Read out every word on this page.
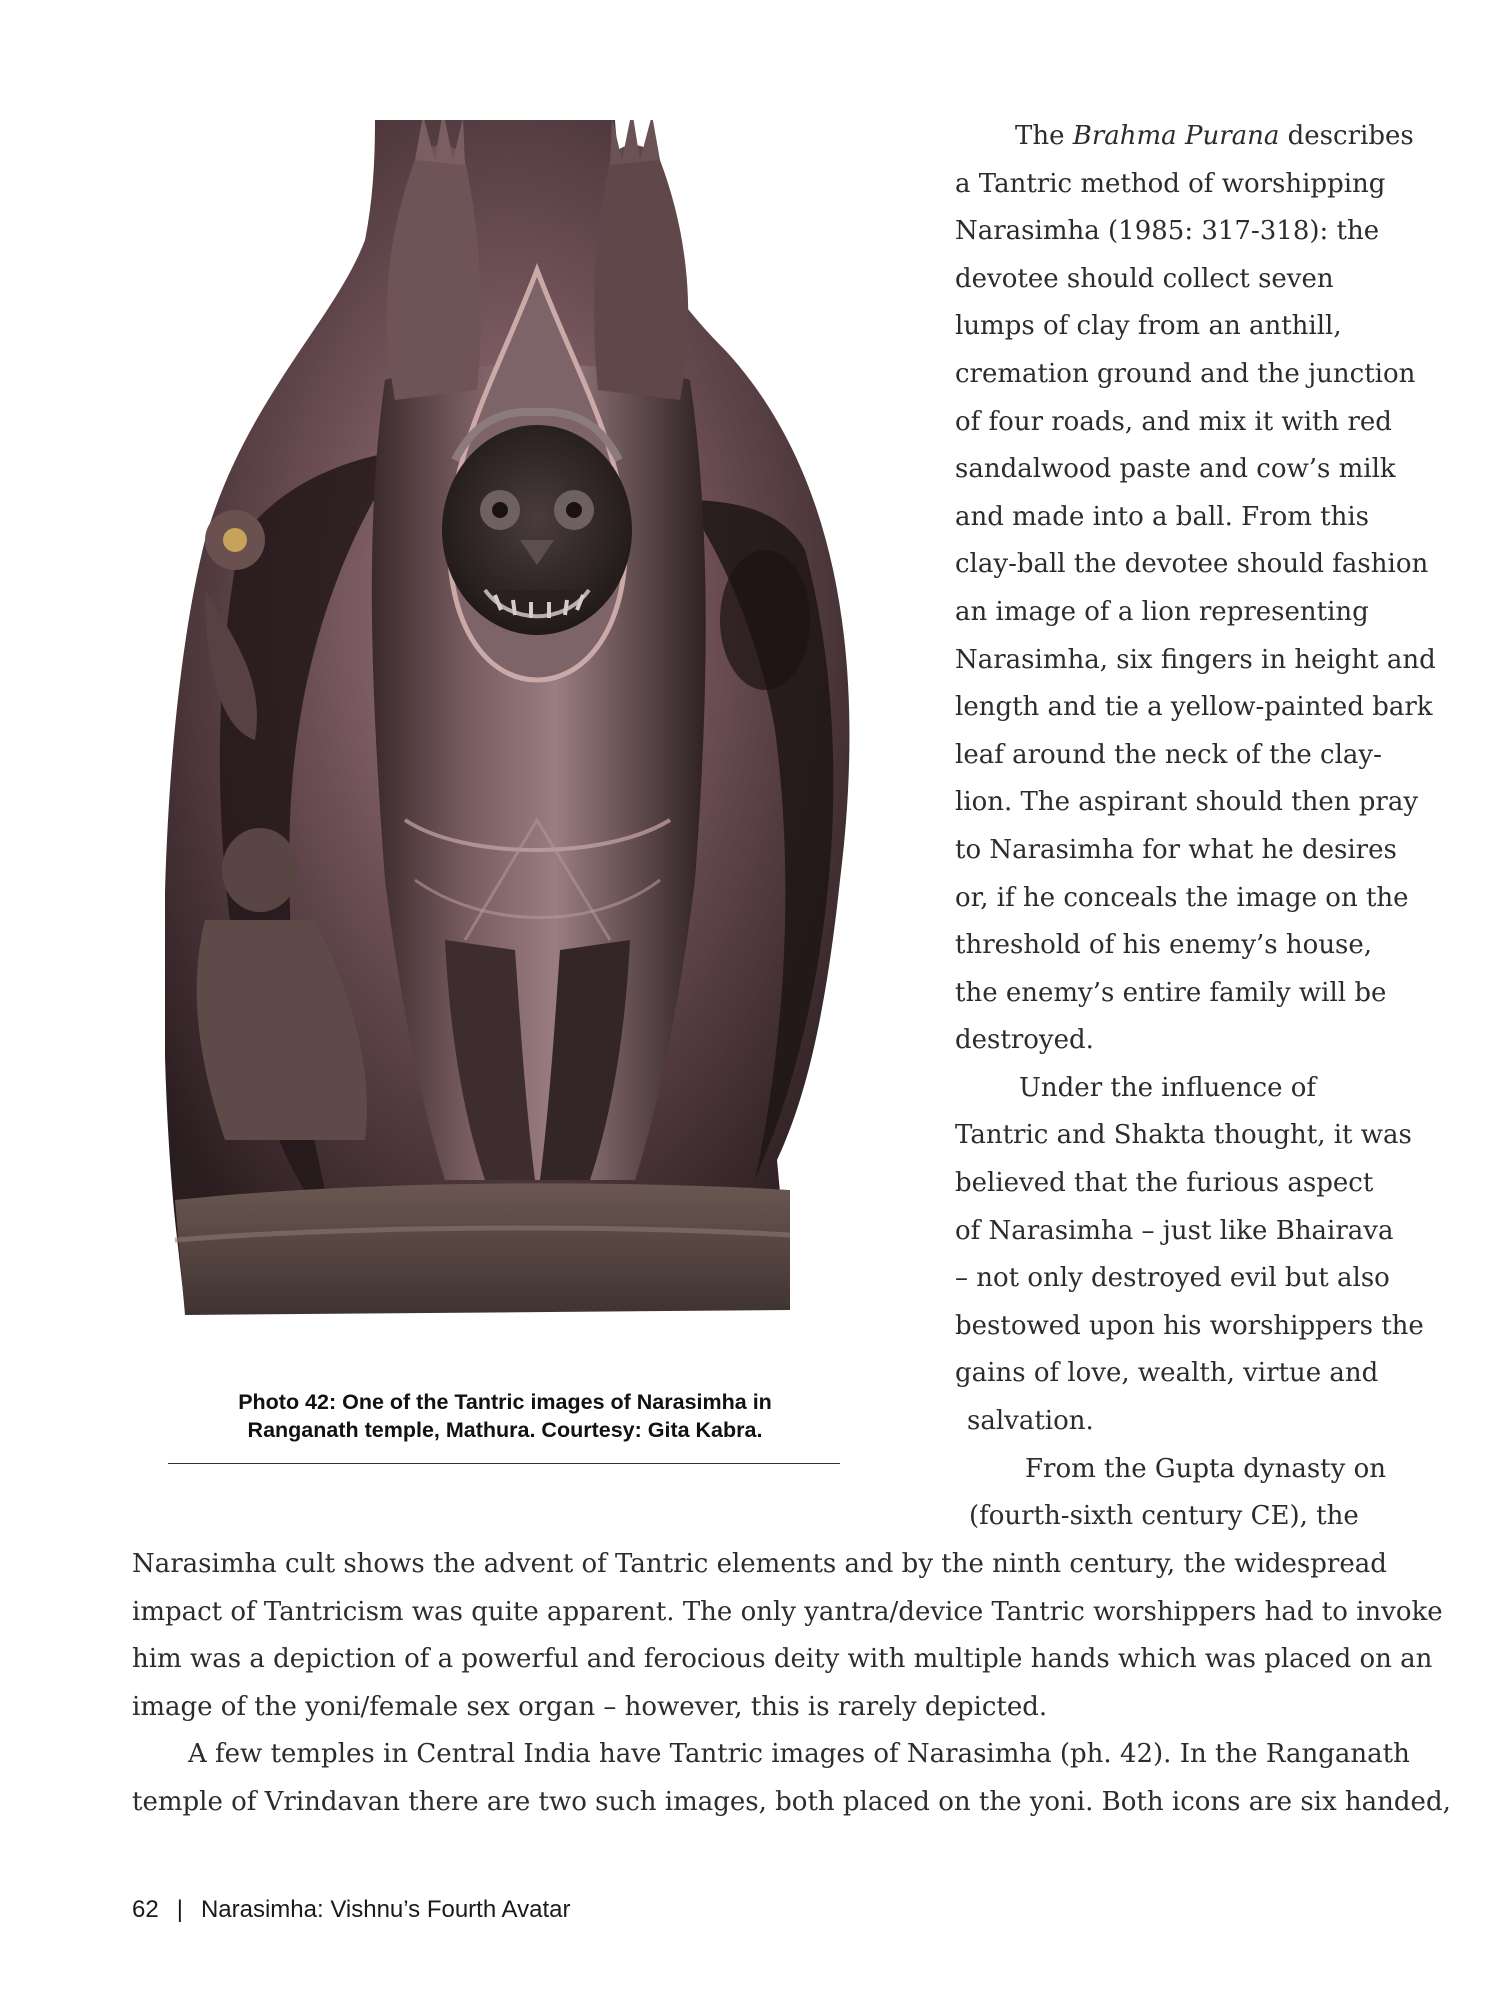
Photo 42: One of the Tantric images of Narasimha in
Ranganath temple, Mathura. Courtesy: Gita Kabra.

The Brahma Purana describes
a Tantric method of worshipping
Narasimha (1985: 317-318): the
devotee should collect seven
lumps of clay from an anthill,
cremation ground and the junction
of four roads, and mix it with red
sandalwood paste and cow’s milk
and made into a ball. From this
clay-ball the devotee should fashion
an image of a lion representing
Narasimha, six fingers in height and
length and tie a yellow-painted bark
leaf around the neck of the clay-
lion. The aspirant should then pray
to Narasimha for what he desires
or, if he conceals the image on the
threshold of his enemy’s house,
the enemy’s entire family will be
destroyed.

Under the influence of
Tantric and Shakta thought, it was
believed that the furious aspect
of Narasimha – just like Bhairava
– not only destroyed evil but also
bestowed upon his worshippers the
gains of love, wealth, virtue and
salvation.

From the Gupta dynasty on
(fourth-sixth century CE), the

Narasimha cult shows the advent of Tantric elements and by the ninth century, the widespread
impact of Tantricism was quite apparent. The only yantra/device Tantric worshippers had to invoke
him was a depiction of a powerful and ferocious deity with multiple hands which was placed on an
image of the yoni/female sex organ – however, this is rarely depicted.

A few temples in Central India have Tantric images of Narasimha (ph. 42). In the Ranganath
temple of Vrindavan there are two such images, both placed on the yoni. Both icons are six handed,

62 | Narasimha: Vishnu’s Fourth Avatar
